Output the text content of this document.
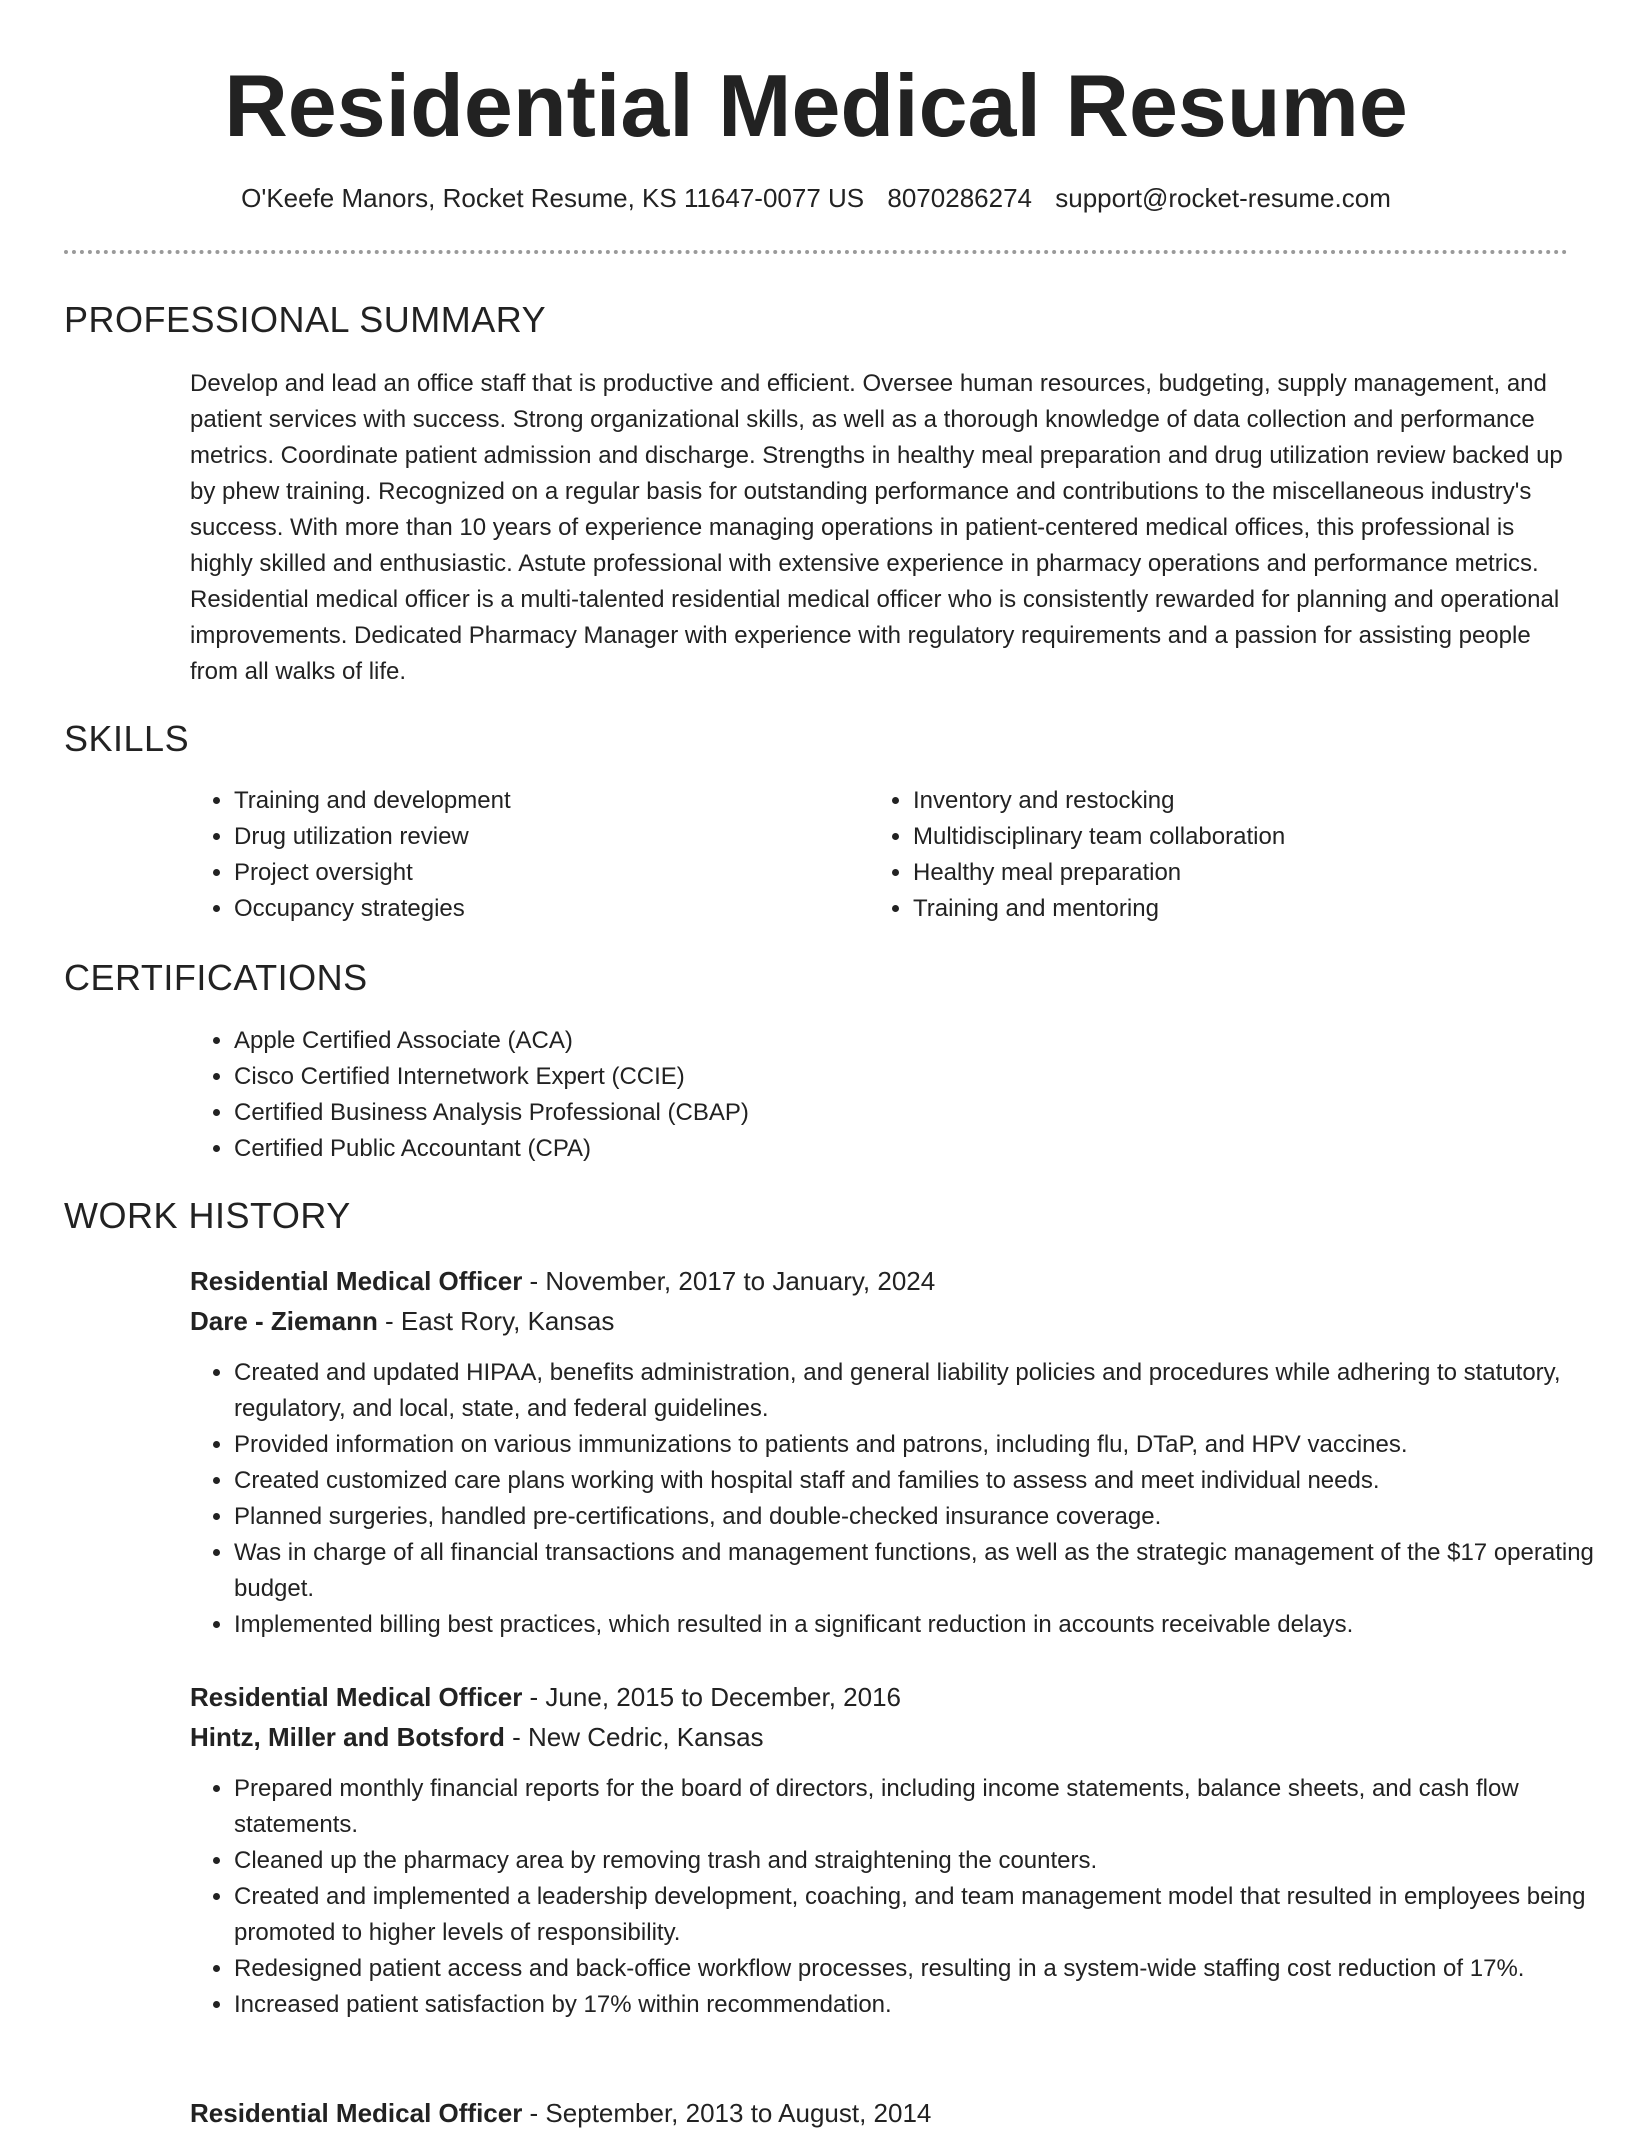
Residential Medical Resume
O'Keefe Manors, Rocket Resume, KS 11647-0077 US 8070286274 support@rocket-resume.com
PROFESSIONAL SUMMARY

Develop and lead an office staff that is productive and efficient. Oversee human resources, budgeting, supply management, and patient services with success. Strong organizational skills, as well as a thorough knowledge of data collection and performance metrics. Coordinate patient admission and discharge. Strengths in healthy meal preparation and drug utilization review backed up by phew training. Recognized on a regular basis for outstanding performance and contributions to the miscellaneous industry's success. With more than 10 years of experience managing operations in patient-centered medical offices, this professional is highly skilled and enthusiastic. Astute professional with extensive experience in pharmacy operations and performance metrics. Residential medical officer is a multi-talented residential medical officer who is consistently rewarded for planning and operational improvements. Dedicated Pharmacy Manager with experience with regulatory requirements and a passion for assisting people from all walks of life.

SKILLS
• Training and development
• Drug utilization review
• Project oversight
• Occupancy strategies
• Inventory and restocking
• Multidisciplinary team collaboration
• Healthy meal preparation
• Training and mentoring
CERTIFICATIONS
• Apple Certified Associate (ACA)
• Cisco Certified Internetwork Expert (CCIE)
• Certified Business Analysis Professional (CBAP)
• Certified Public Accountant (CPA)
WORK HISTORY
Residential Medical Officer - November, 2017 to January, 2024
Dare - Ziemann - East Rory, Kansas
• Created and updated HIPAA, benefits administration, and general liability policies and procedures while adhering to statutory, regulatory, and local, state, and federal guidelines.
• Provided information on various immunizations to patients and patrons, including flu, DTaP, and HPV vaccines.
• Created customized care plans working with hospital staff and families to assess and meet individual needs.
• Planned surgeries, handled pre-certifications, and double-checked insurance coverage.
• Was in charge of all financial transactions and management functions, as well as the strategic management of the $17 operating budget.
• Implemented billing best practices, which resulted in a significant reduction in accounts receivable delays.
Residential Medical Officer - June, 2015 to December, 2016
Hintz, Miller and Botsford - New Cedric, Kansas
• Prepared monthly financial reports for the board of directors, including income statements, balance sheets, and cash flow statements.
• Cleaned up the pharmacy area by removing trash and straightening the counters.
• Created and implemented a leadership development, coaching, and team management model that resulted in employees being promoted to higher levels of responsibility.
• Redesigned patient access and back-office workflow processes, resulting in a system-wide staffing cost reduction of 17%.
• Increased patient satisfaction by 17% within recommendation.
Residential Medical Officer - September, 2013 to August, 2014
